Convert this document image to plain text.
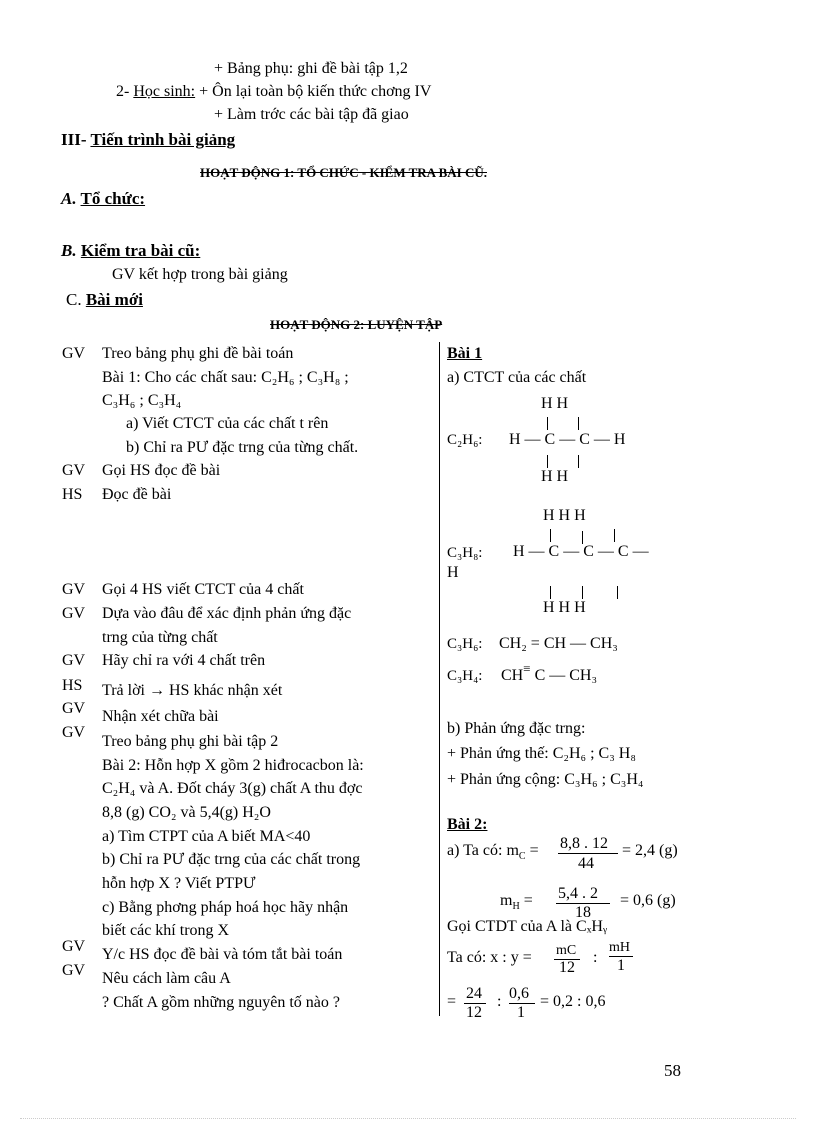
+ Bảng phụ: ghi đề bài tập 1,2
2- Học sinh: + Ôn lại toàn bộ kiến thức chơng IV
+ Làm trớc các bài tập đã giao
III- Tiến trình bài giảng
HOẠT ĐỘNG 1: TỔ CHỨC - KIỂM TRA BÀI CŨ.
A. Tổ chức:
B. Kiểm tra bài cũ:
GV kết hợp trong bài giảng
C. Bài mới
HOẠT ĐỘNG 2: LUYỆN TẬP
GV Treo bảng phụ ghi đề bài toán
Bài 1: Cho các chất sau: C₂H₆ ; C₃H₈ ;
C₃H₆ ; C₃H₄
a) Viết CTCT của các chất t rên
b) Chỉ ra PƯ đặc trng của từng chất.
GV Gọi HS đọc đề bài
HS Đọc đề bài
GV Gọi 4 HS viết CTCT của 4 chất
GV Dựa vào đâu để xác định phản ứng đặc
trng của từng chất
GV Hãy chỉ ra với 4 chất trên
HS Trả lời → HS khác nhận xét
GV Nhận xét chữa bài
GV
Treo bảng phụ ghi bài tập 2
Bài 2: Hỗn hợp X gồm 2 hiđrocacbon là:
C₂H₄ và A. Đốt cháy 3(g) chất A thu đợc
8,8 (g) CO₂ và 5,4(g) H₂O
a) Tìm CTPT của A biết MA<40
b) Chỉ ra PƯ đặc trng của các chất trong
hỗn hợp X ? Viết PTPƯ
c) Bằng phơng pháp hoá học hãy nhận
biết các khí trong X
GV Y/c HS đọc đề bài và tóm tắt bài toán
GV Nêu cách làm câu A
? Chất A gồm những nguyên tố nào ?
Bài 1
a) CTCT của các chất
H H
C₂H₆: H — C — C — H
H H
H H H
C₃H₈: H — C — C — C —
H
H H H
C₃H₆: CH₂ = CH — CH₃
C₃H₄: CH≡ C — CH₃
b) Phản ứng đặc trng:
+ Phản ứng thế: C₂H₆ ; C₃ H₈
+ Phản ứng cộng: C₃H₆ ; C₃H₄
Bài 2:
a) Ta có: $m_C = 8,8$ . 12
44
= 2,4 (g)
$m_H = 5,4$ . 2
18
= 0,6 (g)
Gọi CTDT của A là CₓHᵧ
Ta có: x : y = mC
12
:
mH
1
= 24
12
: 0,6
1
= 0,2 : 0,6
58
